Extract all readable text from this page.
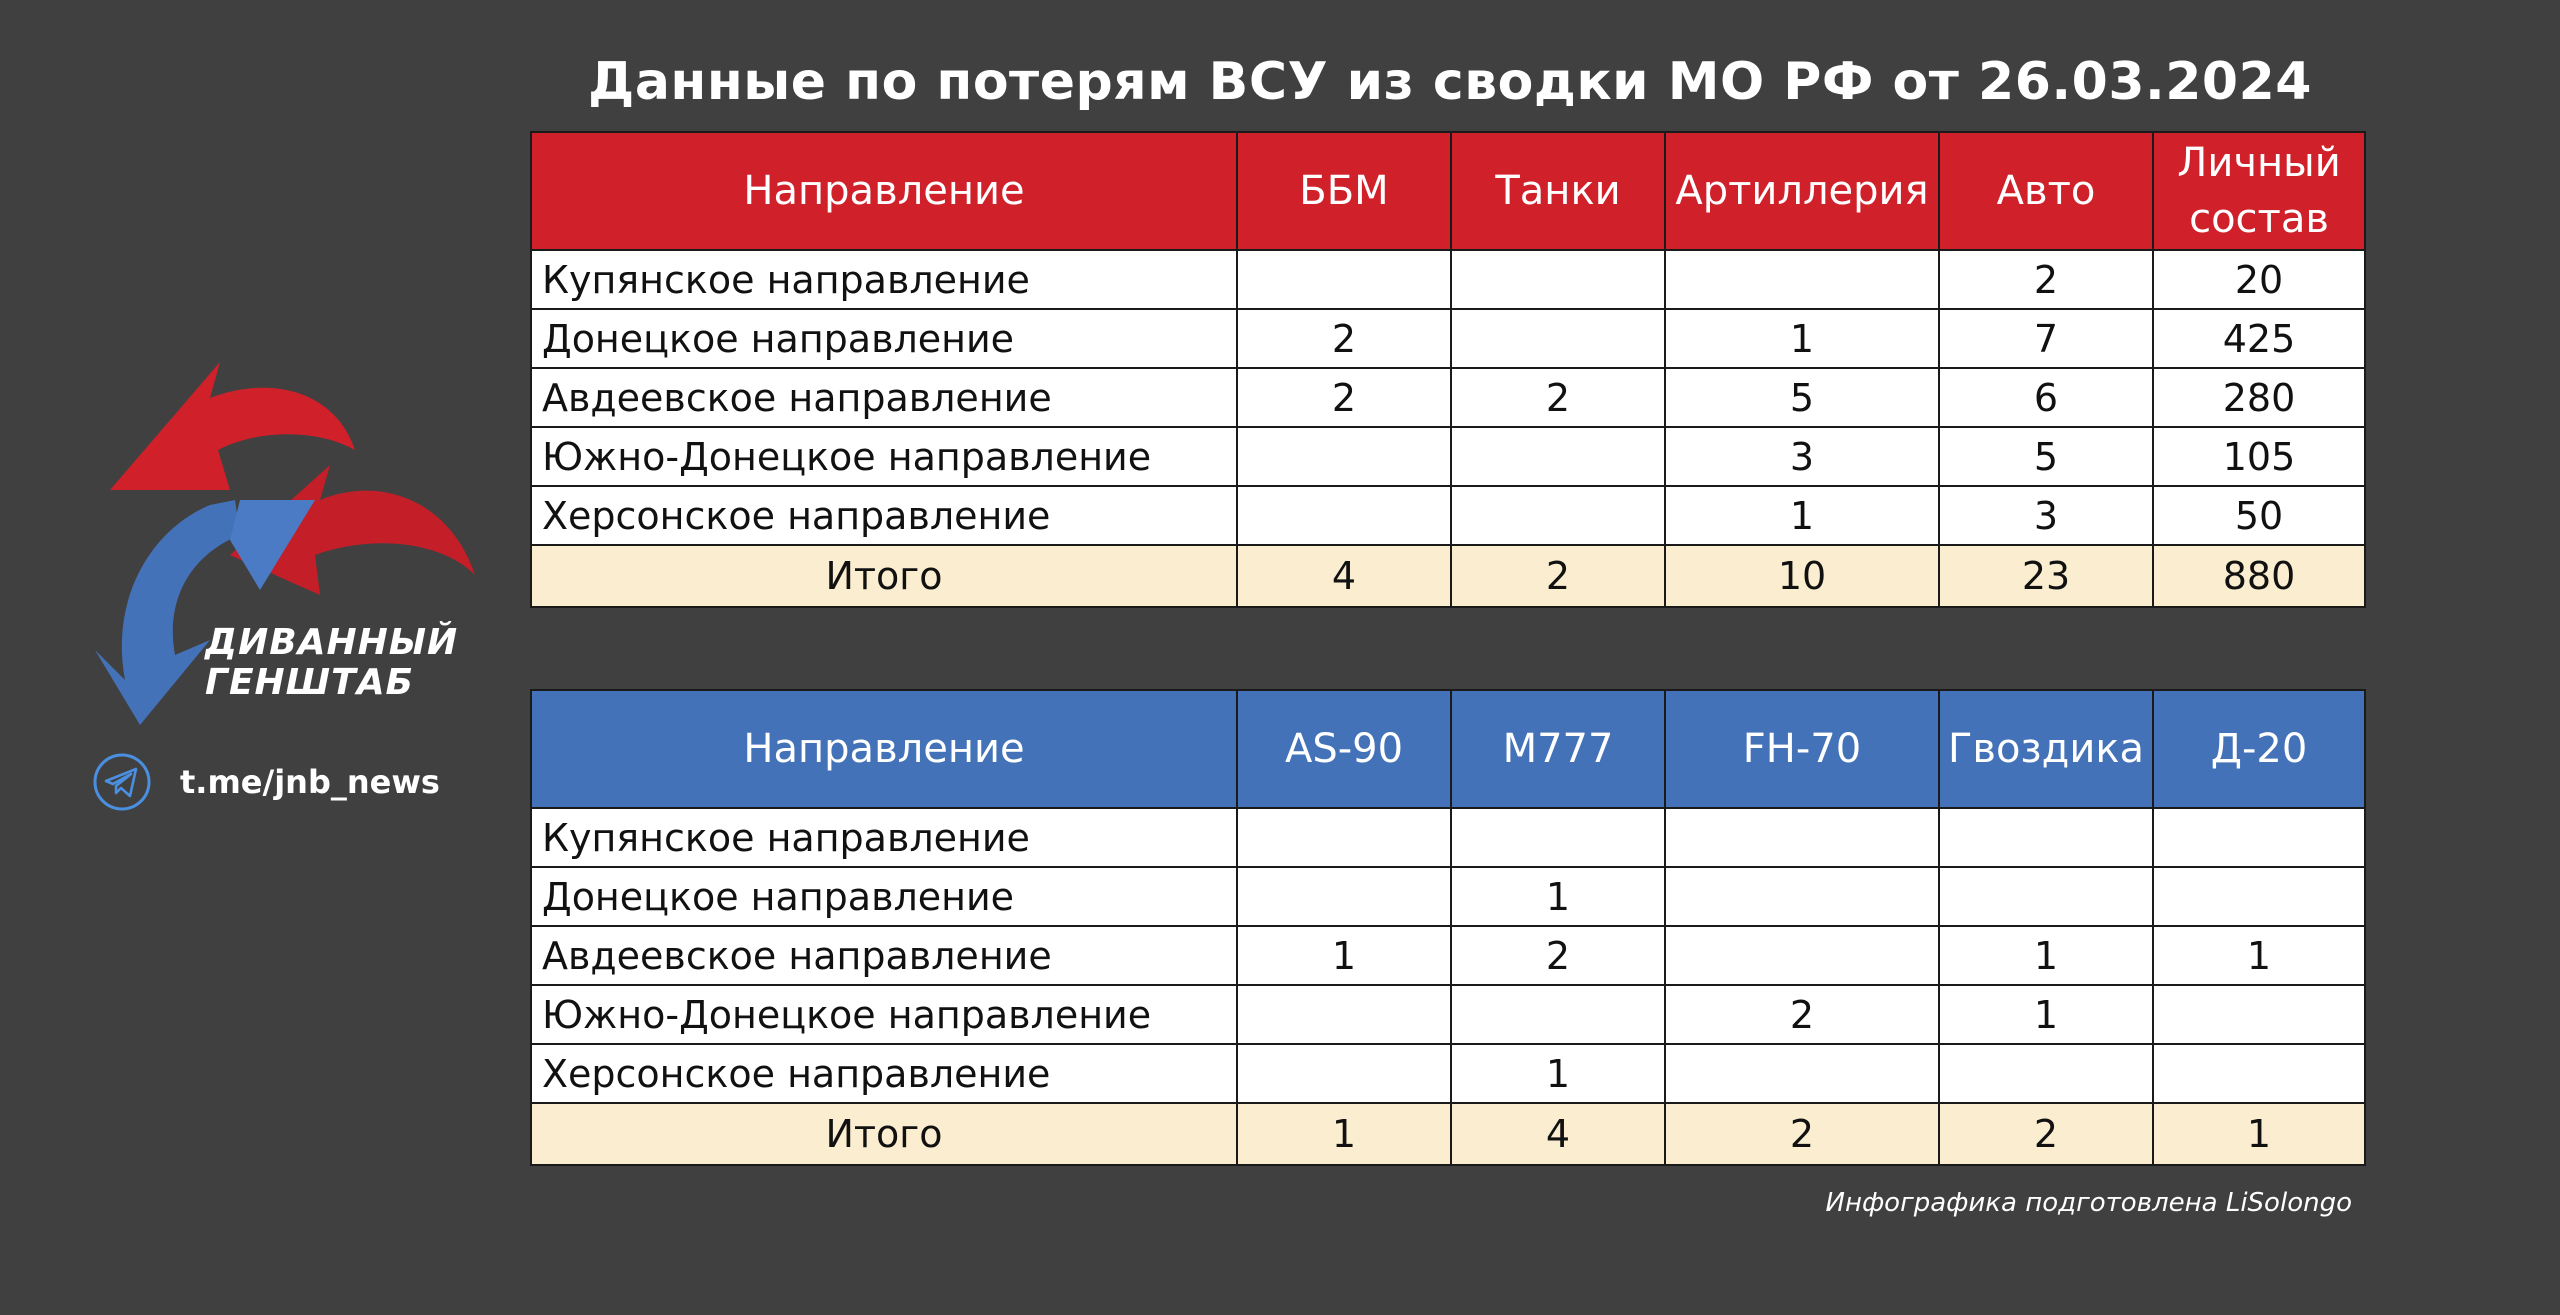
Данные по потерям ВСУ из сводки МО РФ от 26.03.2024
ДИВАННЫЙ
ГЕНШТАБ
t.me/jnb_news
Направление	ББМ	Танки	Артиллерия	Авто	Личный
состав

Купянское направление				2	20
Донецкое направление	2		1	7	425
Авдеевское направление	2	2	5	6	280
Южно-Донецкое направление			3	5	105
Херсонское направление			1	3	50
Итого	4	2	10	23	880
Направление	AS-90	M777	FH-70	Гвоздика	Д-20
Купянское направление					
Донецкое направление		1			
Авдеевское направление	1	2		1	1
Южно-Донецкое направление			2	1	
Херсонское направление		1			
Итого	1	4	2	2	1
Инфографика подготовлена LiSolongo
